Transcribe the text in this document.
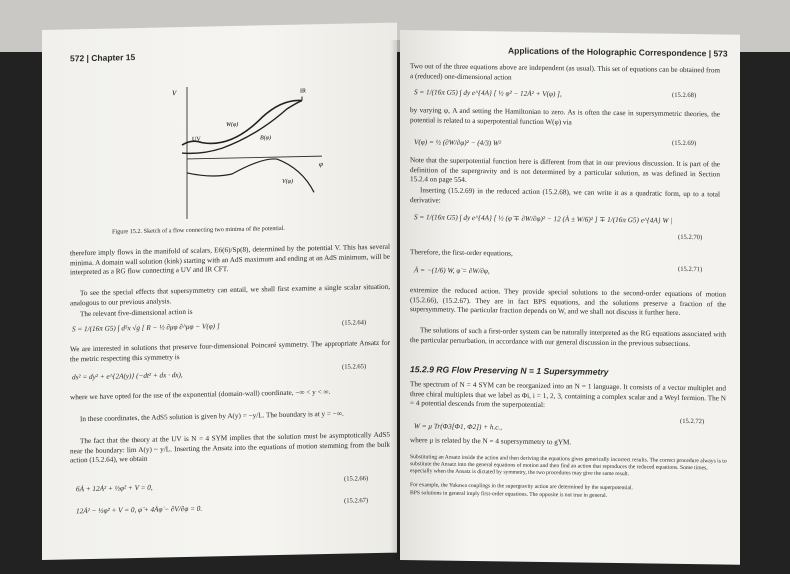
572 | Chapter 15
V
φ
IR
UV
W(φ)
B(φ)
V(φ)
Figure 15.2. Sketch of a flow connecting two minima of the potential.
therefore imply flows in the manifold of scalars, E6(6)/Sp(8), determined by the potential V. This has several minima. A domain wall solution (kink) starting with an AdS maximum and ending at an AdS minimum, will be interpreted as a RG flow connecting a UV and IR CFT.
To see the special effects that supersymmetry can entail, we shall first examine a single scalar situation, analogous to our previous analysis.
The relevant five-dimensional action is
S = 1/(16π G5) ∫ d⁵x √g [ R − ½ ∂μφ ∂^μφ − V(φ) ]	(15.2.64)
We are interested in solutions that preserve four-dimensional Poincaré symmetry. The appropriate Ansatz for the metric respecting this symmetry is
ds² = dy² + e^{2A(y)} (−dt² + dx · dx),
(15.2.65)
where we have opted for the use of the exponential (domain-wall) coordinate, −∞ < y < ∞.
In these coordinates, the AdS5 solution is given by A(y) = −y/L. The boundary is at y = −∞.
The fact that the theory at the UV is N = 4 SYM implies that the solution must be asymptotically AdS5 near the boundary: lim A(y) ~ y/L. Inserting the Ansatz into the equations of motion stemming from the bulk action (15.2.64), we obtain
6Ȧ + 12Ȧ² + ½φ̇² + V = 0,
(15.2.66)
12Ȧ² − ½φ̇² + V = 0, φ̈ + 4Ȧφ̇ − ∂V/∂φ = 0.
(15.2.67)
Applications of the Holographic Correspondence | 573
Two out of the three equations above are independent (as usual). This set of equations can be obtained from a (reduced) one-dimensional action
S = 1/(16π G5) ∫ dy e^{4A} [ ½ φ̇² − 12Ȧ² + V(φ) ],	(15.2.68)
by varying φ, A and setting the Hamiltonian to zero. As is often the case in supersymmetric theories, the potential is related to a superpotential function W(φ) via
V(φ) = ½ (∂W/∂φ)² − (4/3) W²	(15.2.69)
Note that the superpotential function here is different from that in our previous discussion. It is part of the definition of the supergravity and is not determined by a particular solution, as was defined in Section 15.2.4 on page 554.
Inserting (15.2.69) in the reduced action (15.2.68), we can write it as a quadratic form, up to a total derivative:
S = 1/(16π G5) ∫ dy e^{4A} [ ½ (φ̇ ∓ ∂W/∂φ)² − 12 (Ȧ ± W/6)² ] ∓ 1/(16π G5) e^{4A} W |
(15.2.70)
Therefore, the first-order equations,
Ȧ = −(1/6) W, φ̇ = ∂W/∂φ,	(15.2.71)
extremize the reduced action. They provide special solutions to the second-order equations of motion (15.2.66), (15.2.67). They are in fact BPS equations, and the solutions preserve a fraction of the supersymmetry. The particular fraction depends on W, and we shall not discuss it further here.
The solutions of such a first-order system can be naturally interpreted as the RG equations associated with the particular perturbation, in accordance with our general discussion in the previous subsections.
15.2.9 RG Flow Preserving N = 1 Supersymmetry
The spectrum of N = 4 SYM can be reorganized into an N = 1 language. It consists of a vector multiplet and three chiral multiplets that we label as Φi, i = 1, 2, 3, containing a complex scalar and a Weyl fermion. The N = 4 potential descends from the superpotential:
W = μ Tr(Φ3[Φ1, Φ2]) + h.c.,
(15.2.72)
where μ is related by the N = 4 supersymmetry to gYM.
Substituting an Ansatz inside the action and then deriving the equations gives generically incorrect results. The correct procedure always is to substitute the Ansatz into the general equations of motion and then find an action that reproduces the reduced equations. Some times, especially when the Ansatz is dictated by symmetry, the two procedures may give the same result.
For example, the Yukawa couplings in the supergravity action are determined by the superpotential.
BPS solutions in general imply first-order equations. The opposite is not true in general.
